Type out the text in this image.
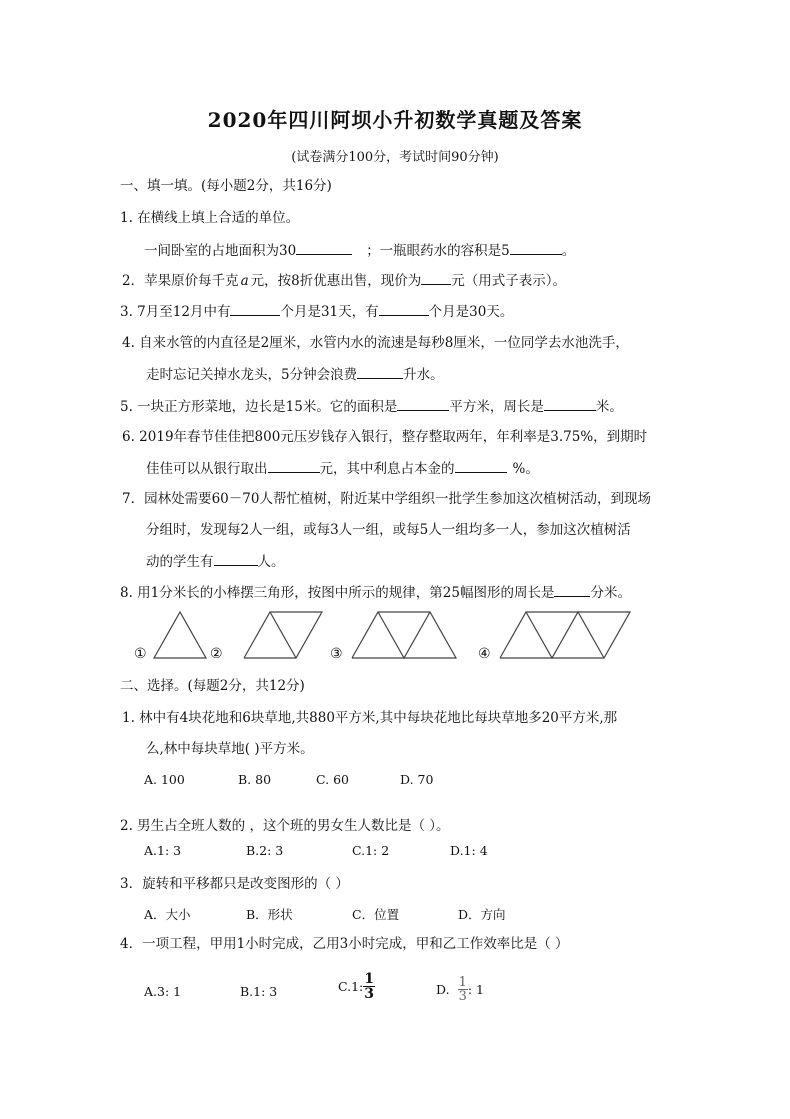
2020年四川阿坝小升初数学真题及答案
(试卷满分100分，考试时间90分钟)
一、填一填。(每小题2分，共16分)
1. 在横线上填上合适的单位。
一间卧室的占地面积为30	；一瓶眼药水的容积是5	。
2．苹果原价每千克 a 元，按8折优惠出售，现价为 元（用式子表示）。
3. 7月至12月中有	个月是31天，有	个月是30天。
4. 自来水管的内直径是2厘米，水管内水的流速是每秒8厘米，一位同学去水池洗手，
走时忘记关掉水龙头，5分钟会浪费	升水。
5. 一块正方形菜地，边长是15米。它的面积是	平方米，周长是	米。
6. 2019年春节佳佳把800元压岁钱存入银行，整存整取两年，年利率是3.75%，到期时
佳佳可以从银行取出	元，其中利息占本金的	%。
7．园林处需要60－70人帮忙植树，附近某中学组织一批学生参加这次植树活动，到现场
分组时，发现每2人一组，或每3人一组，或每5人一组均多一人，参加这次植树活
动的学生有	人。
8. 用1分米长的小棒摆三角形，按图中所示的规律，第25幅图形的周长是	分米。
①	②	③	④
二、选择。(每题2分，共12分)
1. 林中有4块花地和6块草地,共880平方米,其中每块花地比每块草地多20平方米,那
么,林中每块草地( )平方米。
A. 100	B. 80	C. 60	D. 70
2. 男生占全班人数的 ，这个班的男女生人数比是（ ）。
A.1: 3	B.2: 3	C.1: 2	D.1: 4
3．旋转和平移都只是改变图形的（ ）
A．大小	B．形状	C．位置	D．方向
4．一项工程，甲用1小时完成，乙用3小时完成，甲和乙工作效率比是（ ）
A.3: 1	B.1: 3	C.1: $\frac{1}{3}$	D. $\frac{1}{3}$ : 1
